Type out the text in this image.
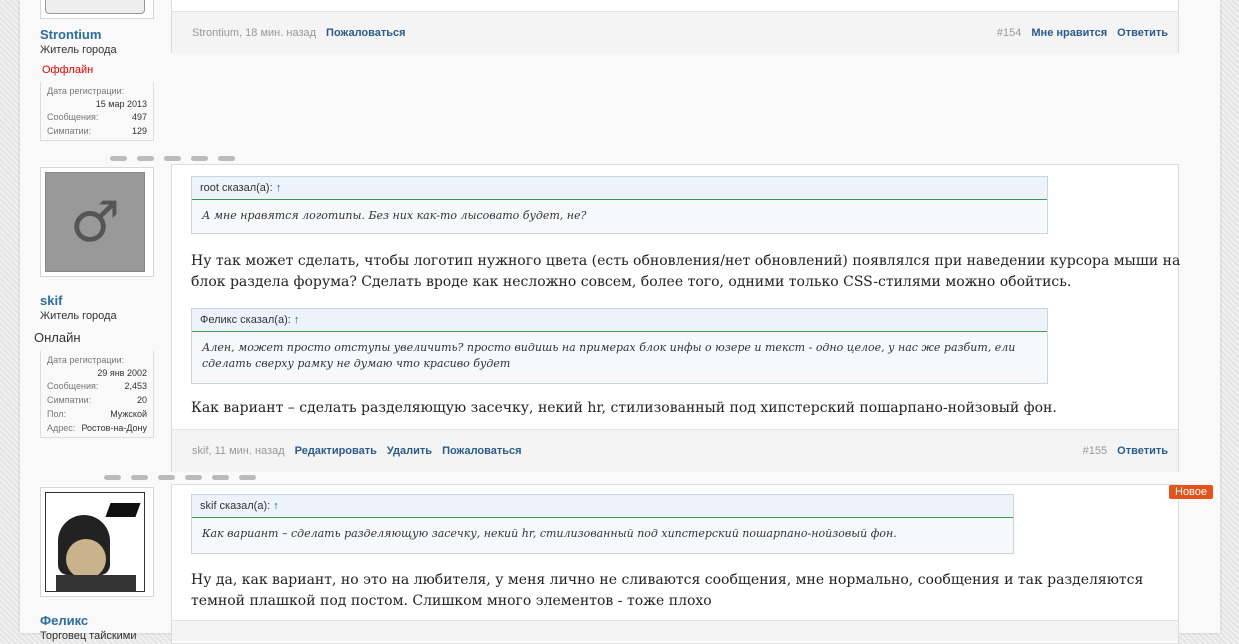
Strontium
Житель города
Оффлайн
Дата регистрации:
15 мар 2013
Сообщения:	497
Симпатии:	129
Strontium, 18 мин. назад Пожаловаться	#154 Мне нравится Ответить
♂
skif
Житель города
Онлайн
Дата регистрации:
29 янв 2002
Сообщения:	2,453
Симпатии:	20
Пол:	Мужской
Адрес: Ростов-на-Дону
root сказал(а): ↑
А мне нравятся логотипы. Без них как-то лысовато будет, не?
Ну так может сделать, чтобы логотип нужного цвета (есть обновления/нет обновлений) появлялся при наведении курсора мыши на блок раздела форума? Сделать вроде как несложно совсем, более того, одними только CSS-стилями можно обойтись.
Феликс сказал(а): ↑
Ален, может просто отступы увеличить? просто видишь на примерах блок инфы о юзере и текст - одно целое, у нас же разбит, ели сделать сверху рамку не думаю что красиво будет
Как вариант – сделать разделяющую засечку, некий hr, стилизованный под хипстерский пошарпано-нойзовый фон.
skif, 11 мин. назад Редактировать Удалить Пожаловаться	#155 Ответить
Феликс
Торговец тайскими
skif сказал(а): ↑
Как вариант – сделать разделяющую засечку, некий hr, стилизованный под хипстерский пошарпано-нойзовый фон.
Ну да, как вариант, но это на любителя, у меня лично не сливаются сообщения, мне нормально, сообщения и так разделяются темной плашкой под постом. Слишком много элементов - тоже плохо
Новое
